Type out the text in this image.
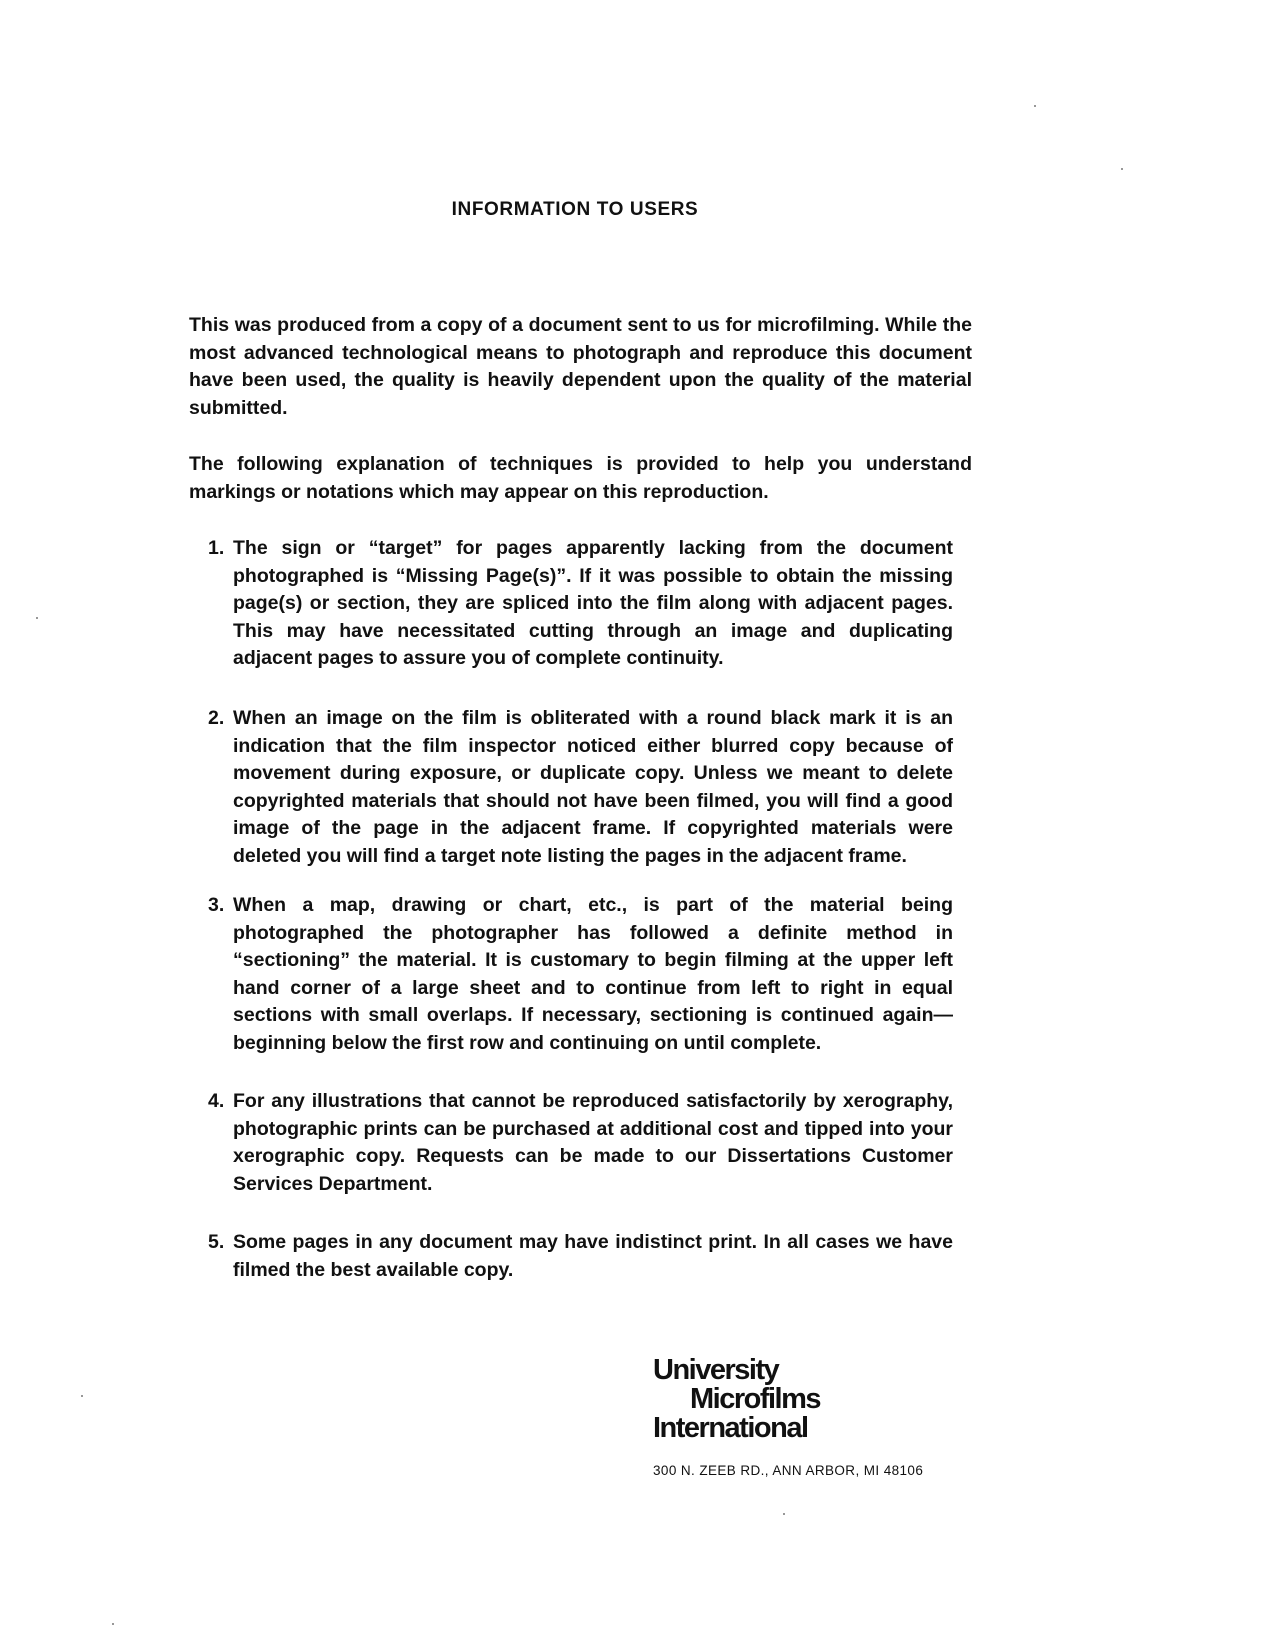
INFORMATION TO USERS
This was produced from a copy of a document sent to us for microfilming. While the most advanced technological means to photograph and reproduce this document have been used, the quality is heavily dependent upon the quality of the material submitted.
The following explanation of techniques is provided to help you understand markings or notations which may appear on this reproduction.
1. The sign or “target” for pages apparently lacking from the document photographed is “Missing Page(s)”. If it was possible to obtain the missing page(s) or section, they are spliced into the film along with adjacent pages. This may have necessitated cutting through an image and duplicating adjacent pages to assure you of complete continuity.
2. When an image on the film is obliterated with a round black mark it is an indication that the film inspector noticed either blurred copy because of movement during exposure, or duplicate copy. Unless we meant to delete copyrighted materials that should not have been filmed, you will find a good image of the page in the adjacent frame. If copyrighted materials were deleted you will find a target note listing the pages in the adjacent frame.
3. When a map, drawing or chart, etc., is part of the material being photographed the photographer has followed a definite method in “sectioning” the material. It is customary to begin filming at the upper left hand corner of a large sheet and to continue from left to right in equal sections with small overlaps. If necessary, sectioning is continued again—beginning below the first row and continuing on until complete.
4. For any illustrations that cannot be reproduced satisfactorily by xerography, photographic prints can be purchased at additional cost and tipped into your xerographic copy. Requests can be made to our Dissertations Customer Services Department.
5. Some pages in any document may have indistinct print. In all cases we have filmed the best available copy.
University
Microfilms
International
300 N. ZEEB RD., ANN ARBOR, MI 48106
